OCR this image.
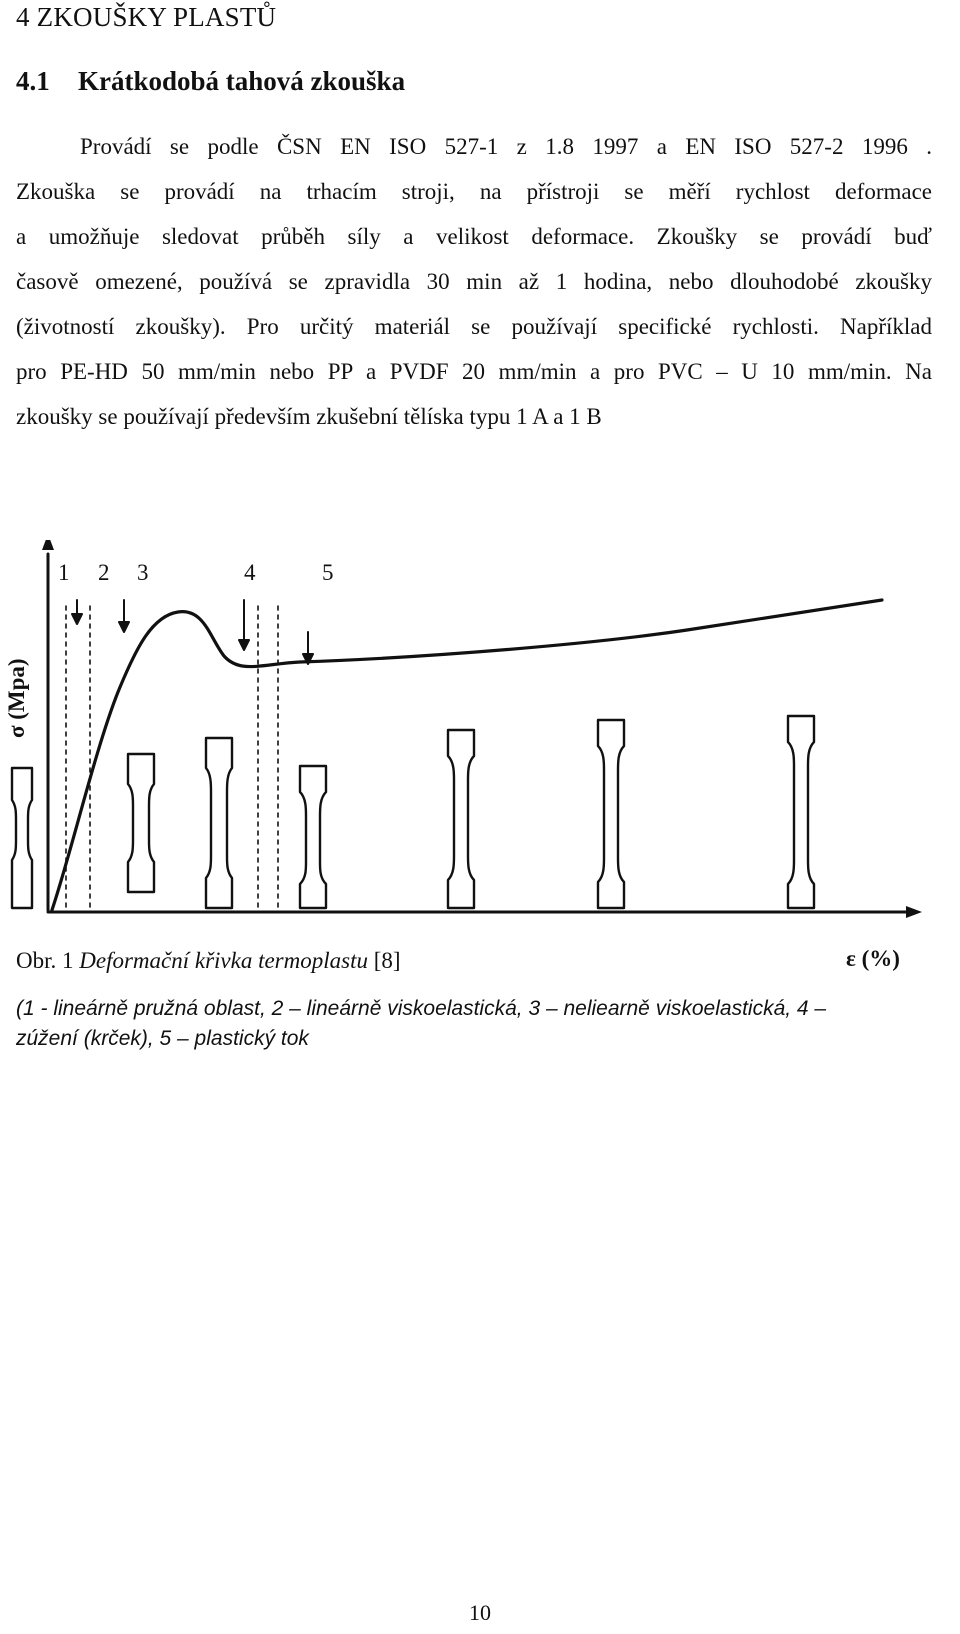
4 ZKOUŠKY PLASTŮ
4.1 Krátkodobá tahová zkouška
Provádí se podle ČSN EN ISO 527-1 z 1.8 1997 a EN ISO 527-2 1996 .
Zkouška se provádí na trhacím stroji, na přístroji se měří rychlost deformace
a umožňuje sledovat průběh síly a velikost deformace. Zkoušky se provádí buď
časově omezené, používá se zpravidla 30 min až 1 hodina, nebo dlouhodobé zkoušky
(životností zkoušky). Pro určitý materiál se používají specifické rychlosti. Například
pro PE-HD 50 mm/min nebo PP a PVDF 20 mm/min a pro PVC – U 10 mm/min. Na
zkoušky se používají především zkušební tělíska typu 1 A a 1 B
1 2 3	4	5
σ (Mpa)
Obr. 1 Deformační křivka termoplastu [8]	ε (%)
(1 - lineárně pružná oblast, 2 – lineárně viskoelastická, 3 – neliearně viskoelastická, 4 –
zúžení (krček), 5 – plastický tok
10
